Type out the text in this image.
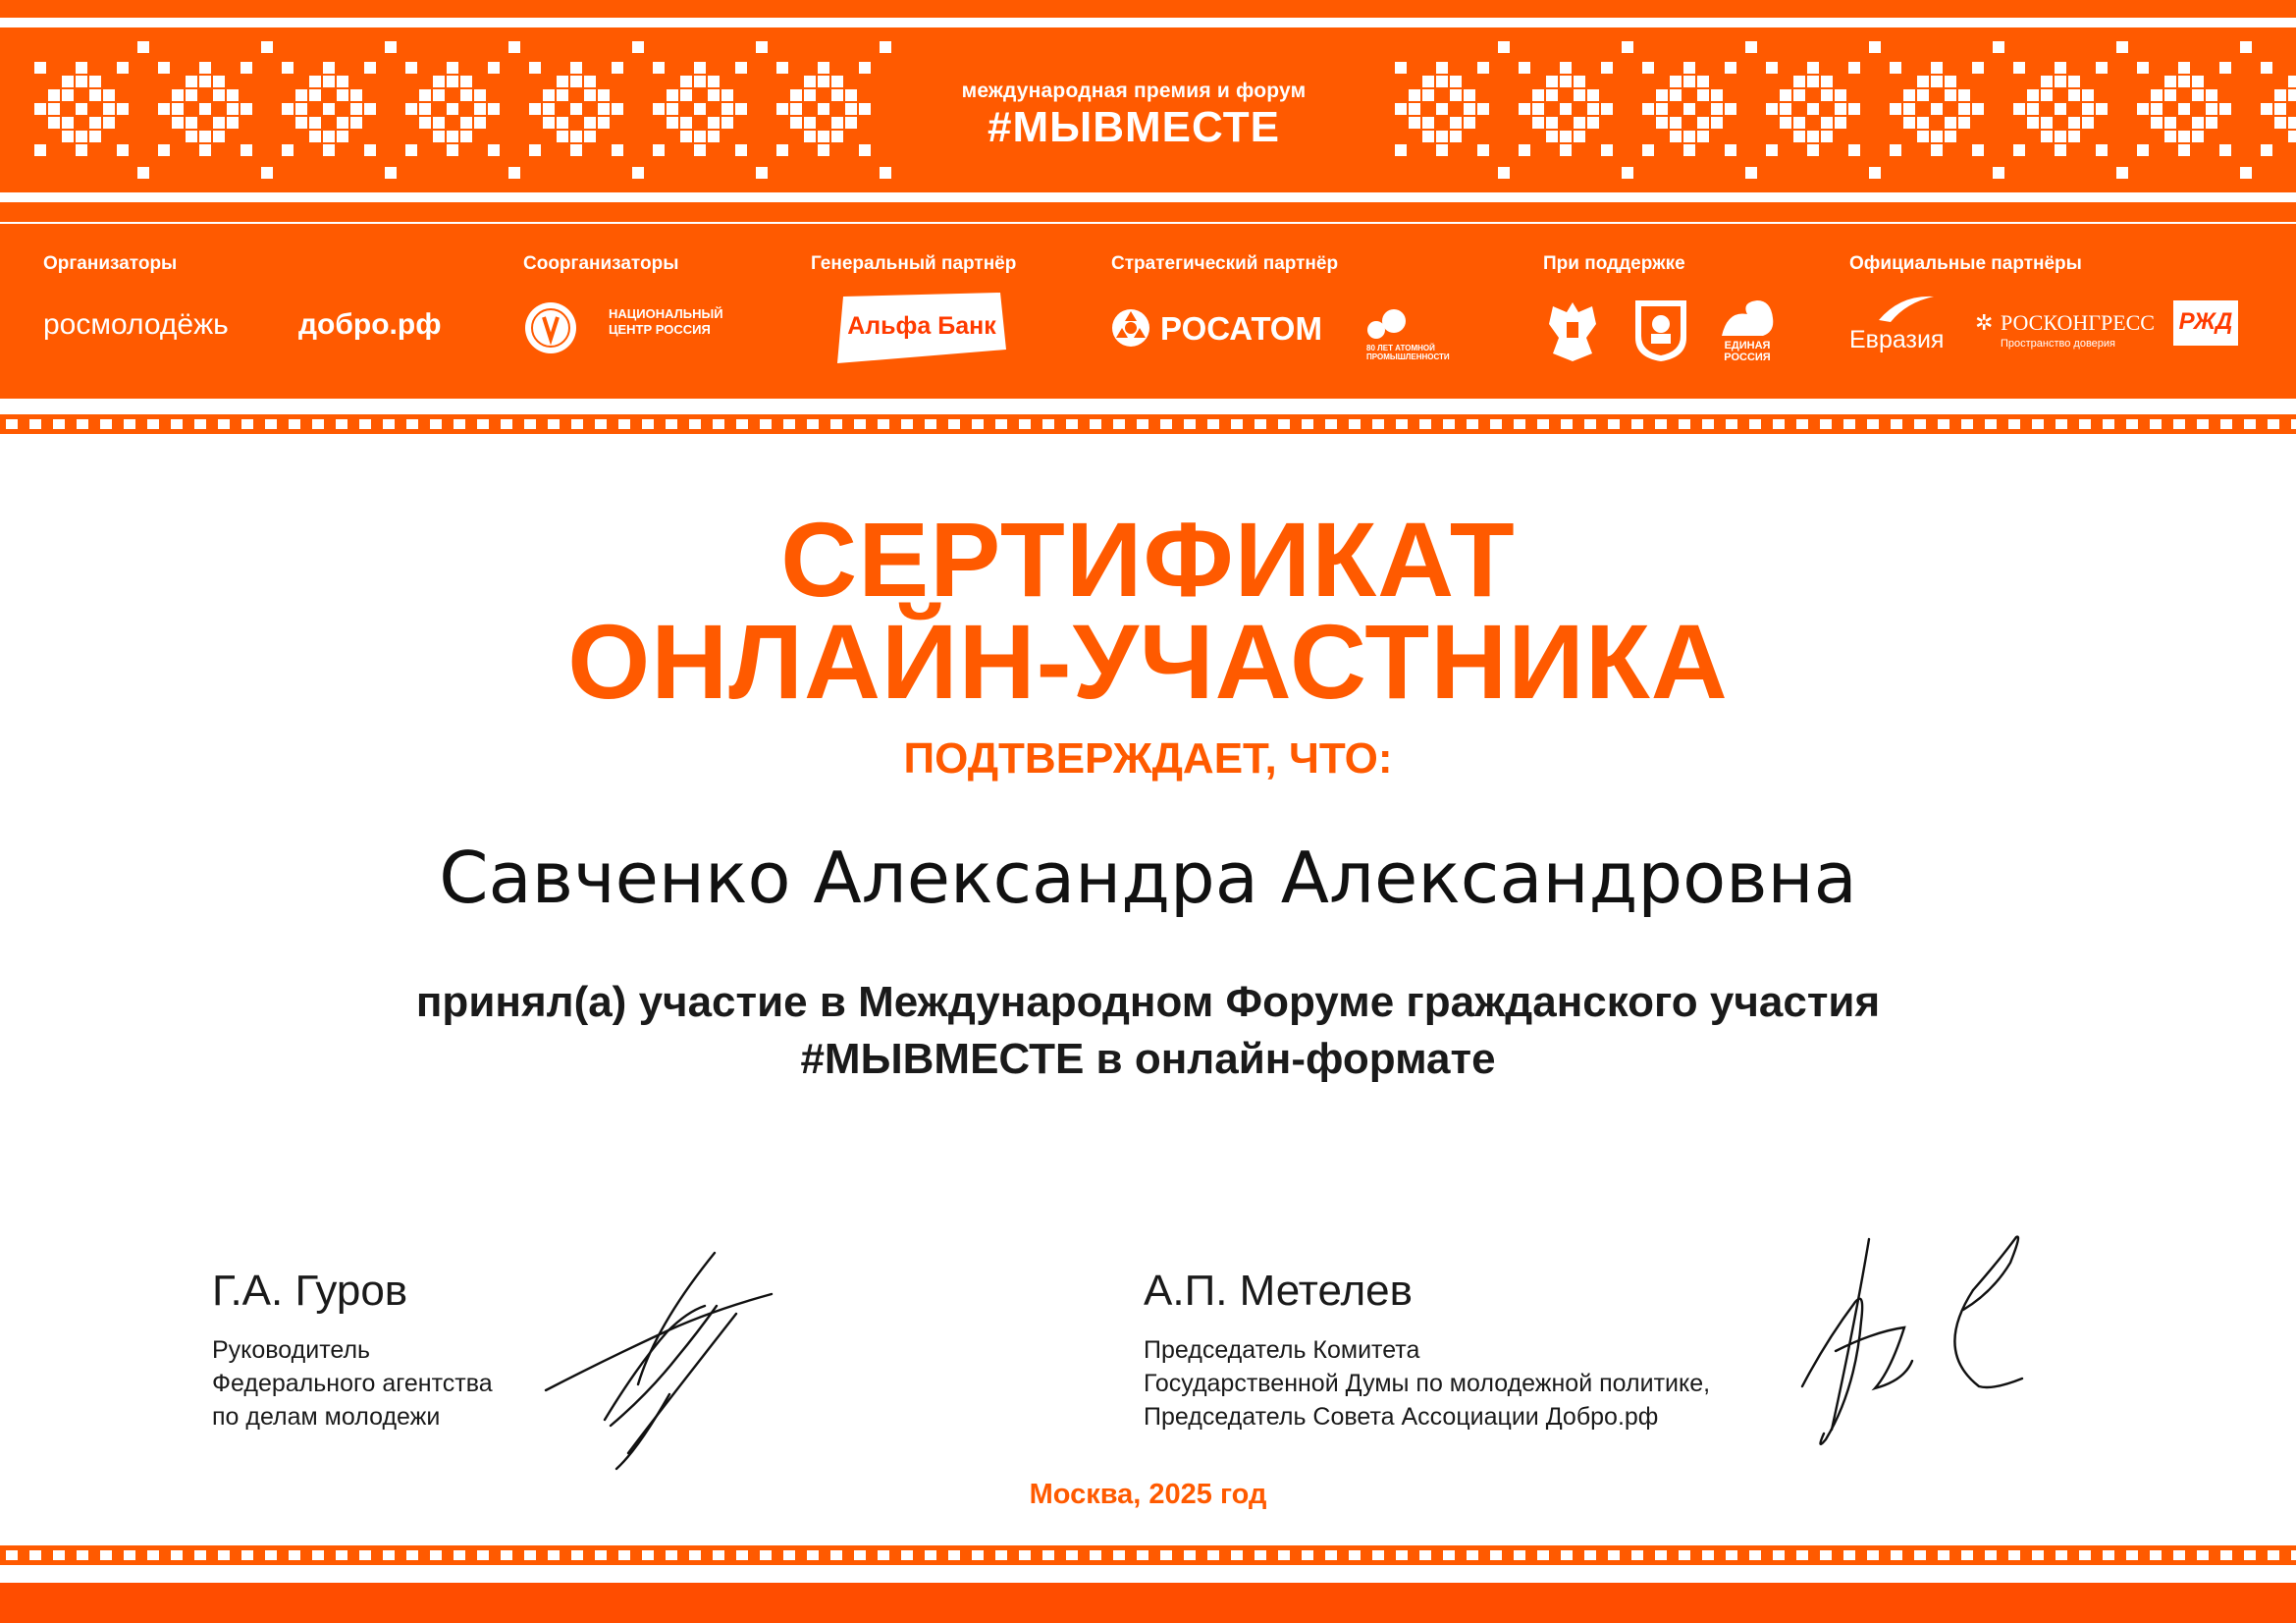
международная премия и форум
#МЫВМЕСТЕ
Организаторы	Соорганизаторы	Генеральный партнёр	Стратегический партнёр	При поддержке	Официальные партнёры
росмолодёжь добро.рф	НАЦИОНАЛЬНЫЙ ЦЕНТР РОССИЯ	Альфа Банк	РОСАТОМ
80 ЛЕТ АТОМНОЙ ПРОМЫШЛЕННОСТИ
ЕДИНАЯ РОССИЯ
Евразия
✲ РОСКОНГРЕСС
Пространство доверия
РЖД
СЕРТИФИКАТ
ОНЛАЙН-УЧАСТНИКА
ПОДТВЕРЖДАЕТ, ЧТО:
Савченко Александра Александровна
принял(а) участие в Международном Форуме гражданского участия
#МЫВМЕСТЕ в онлайн-формате
Г.А. Гуров
Руководитель
Федерального агентства
по делам молодежи
А.П. Метелев
Председатель Комитета
Государственной Думы по молодежной политике,
Председатель Совета Ассоциации Добро.рф
Москва, 2025 год
